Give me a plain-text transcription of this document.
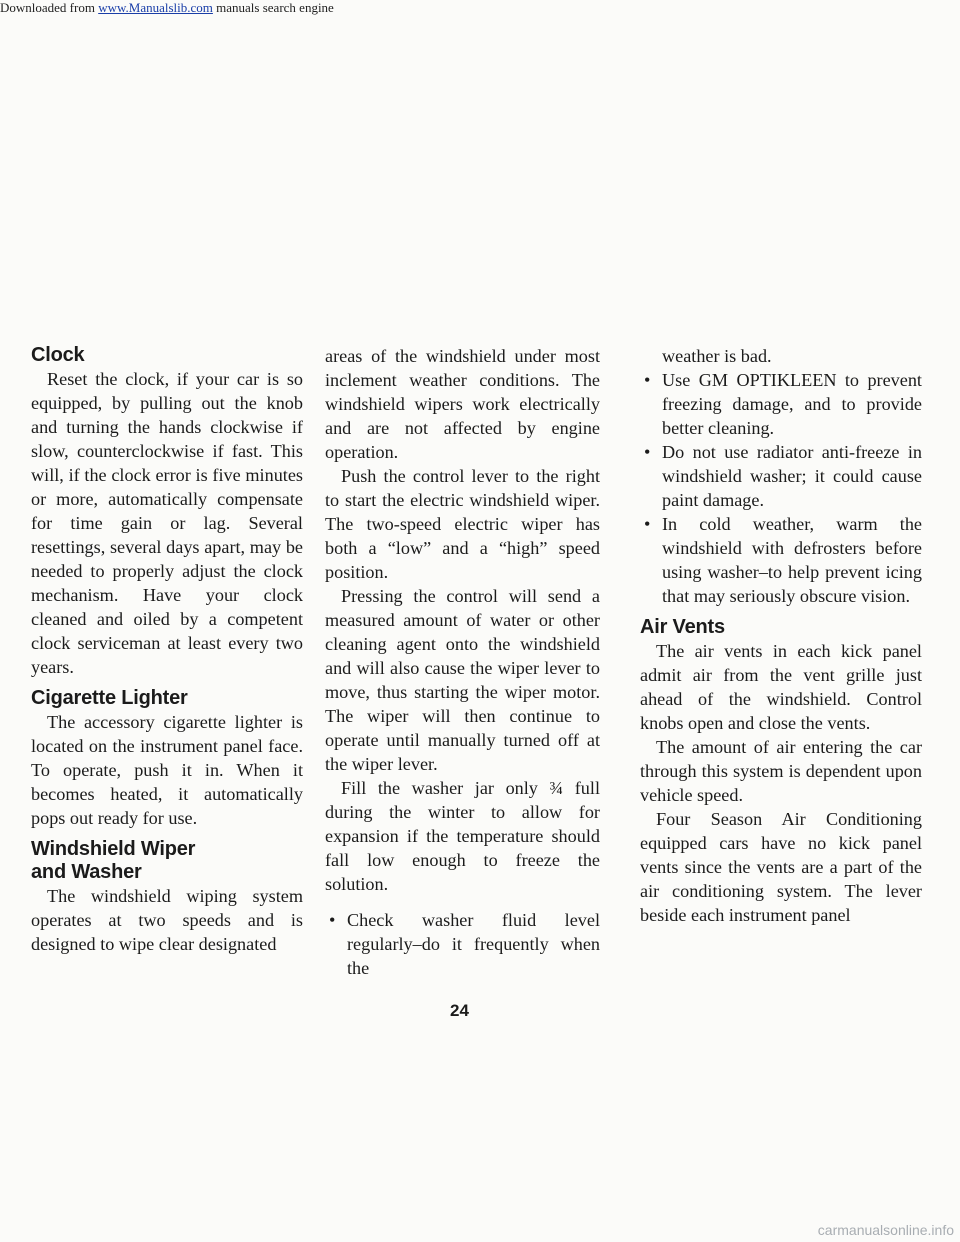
Downloaded from www.Manualslib.com manuals search engine
Clock

Reset the clock, if your car is so equipped, by pulling out the knob and turning the hands clockwise if slow, counterclockwise if fast. This will, if the clock error is five minutes or more, automatically compensate for time gain or lag. Several resettings, several days apart, may be needed to properly adjust the clock mechanism. Have your clock cleaned and oiled by a competent clock serviceman at least every two years.

Cigarette Lighter

The accessory cigarette lighter is located on the instrument panel face. To operate, push it in. When it becomes heated, it automatically pops out ready for use.

Windshield Wiper
and Washer

The windshield wiping system operates at two speeds and is designed to wipe clear designated

areas of the windshield under most inclement weather conditions. The windshield wipers work electrically and are not affected by engine operation.

Push the control lever to the right to start the electric windshield wiper. The two-speed electric wiper has both a “low” and a “high” speed position.

Pressing the control will send a measured amount of water or other cleaning agent onto the windshield and will also cause the wiper lever to move, thus starting the wiper motor. The wiper will then continue to operate until manually turned off at the wiper lever.

Fill the washer jar only ¾ full during the winter to allow for expansion if the temperature should fall low enough to freeze the solution.

• Check washer fluid level regularly–do it frequently when the

weather is bad.

• Use GM OPTIKLEEN to prevent freezing damage, and to provide better cleaning.
• Do not use radiator anti-freeze in windshield washer; it could cause paint damage.
• In cold weather, warm the windshield with defrosters before using washer–to help prevent icing that may seriously obscure vision.
Air Vents

The air vents in each kick panel admit air from the vent grille just ahead of the windshield. Control knobs open and close the vents.

The amount of air entering the car through this system is dependent upon vehicle speed.

Four Season Air Conditioning equipped cars have no kick panel vents since the vents are a part of the air conditioning system. The lever beside each instrument panel

24
carmanualsonline.info
